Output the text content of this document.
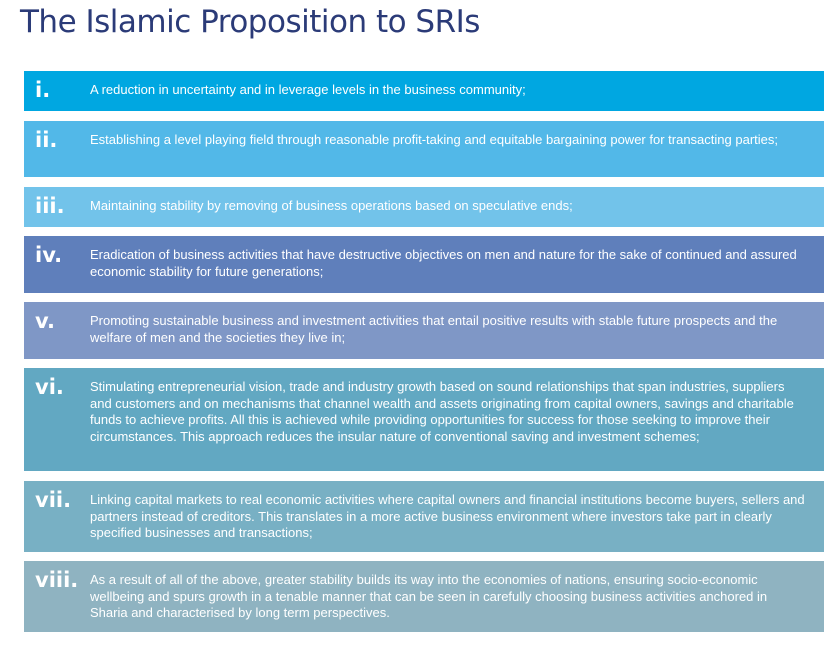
The Islamic Proposition to SRIs
i.	A reduction in uncertainty and in leverage levels in the business community;
ii.	Establishing a level playing field through reasonable profit-taking and equitable bargaining power for transacting parties;
iii. Maintaining stability by removing of business operations based on speculative ends;
iv. Eradication of business activities that have destructive objectives on men and nature for the sake of continued and assured economic stability for future generations;
v.	Promoting sustainable business and investment activities that entail positive results with stable future prospects and the welfare of men and the societies they live in;
vi. Stimulating entrepreneurial vision, trade and industry growth based on sound relationships that span industries, suppliers and customers and on mechanisms that channel wealth and assets originating from capital owners, savings and charitable funds to achieve profits. All this is achieved while providing opportunities for success for those seeking to improve their circumstances. This approach reduces the insular nature of conventional saving and investment schemes;
vii. Linking capital markets to real economic activities where capital owners and financial institutions become buyers, sellers and partners instead of creditors. This translates in a more active business environment where investors take part in clearly specified businesses and transactions;
viii. As a result of all of the above, greater stability builds its way into the economies of nations, ensuring socio-economic wellbeing and spurs growth in a tenable manner that can be seen in carefully choosing business activities anchored in Sharia and characterised by long term perspectives.
